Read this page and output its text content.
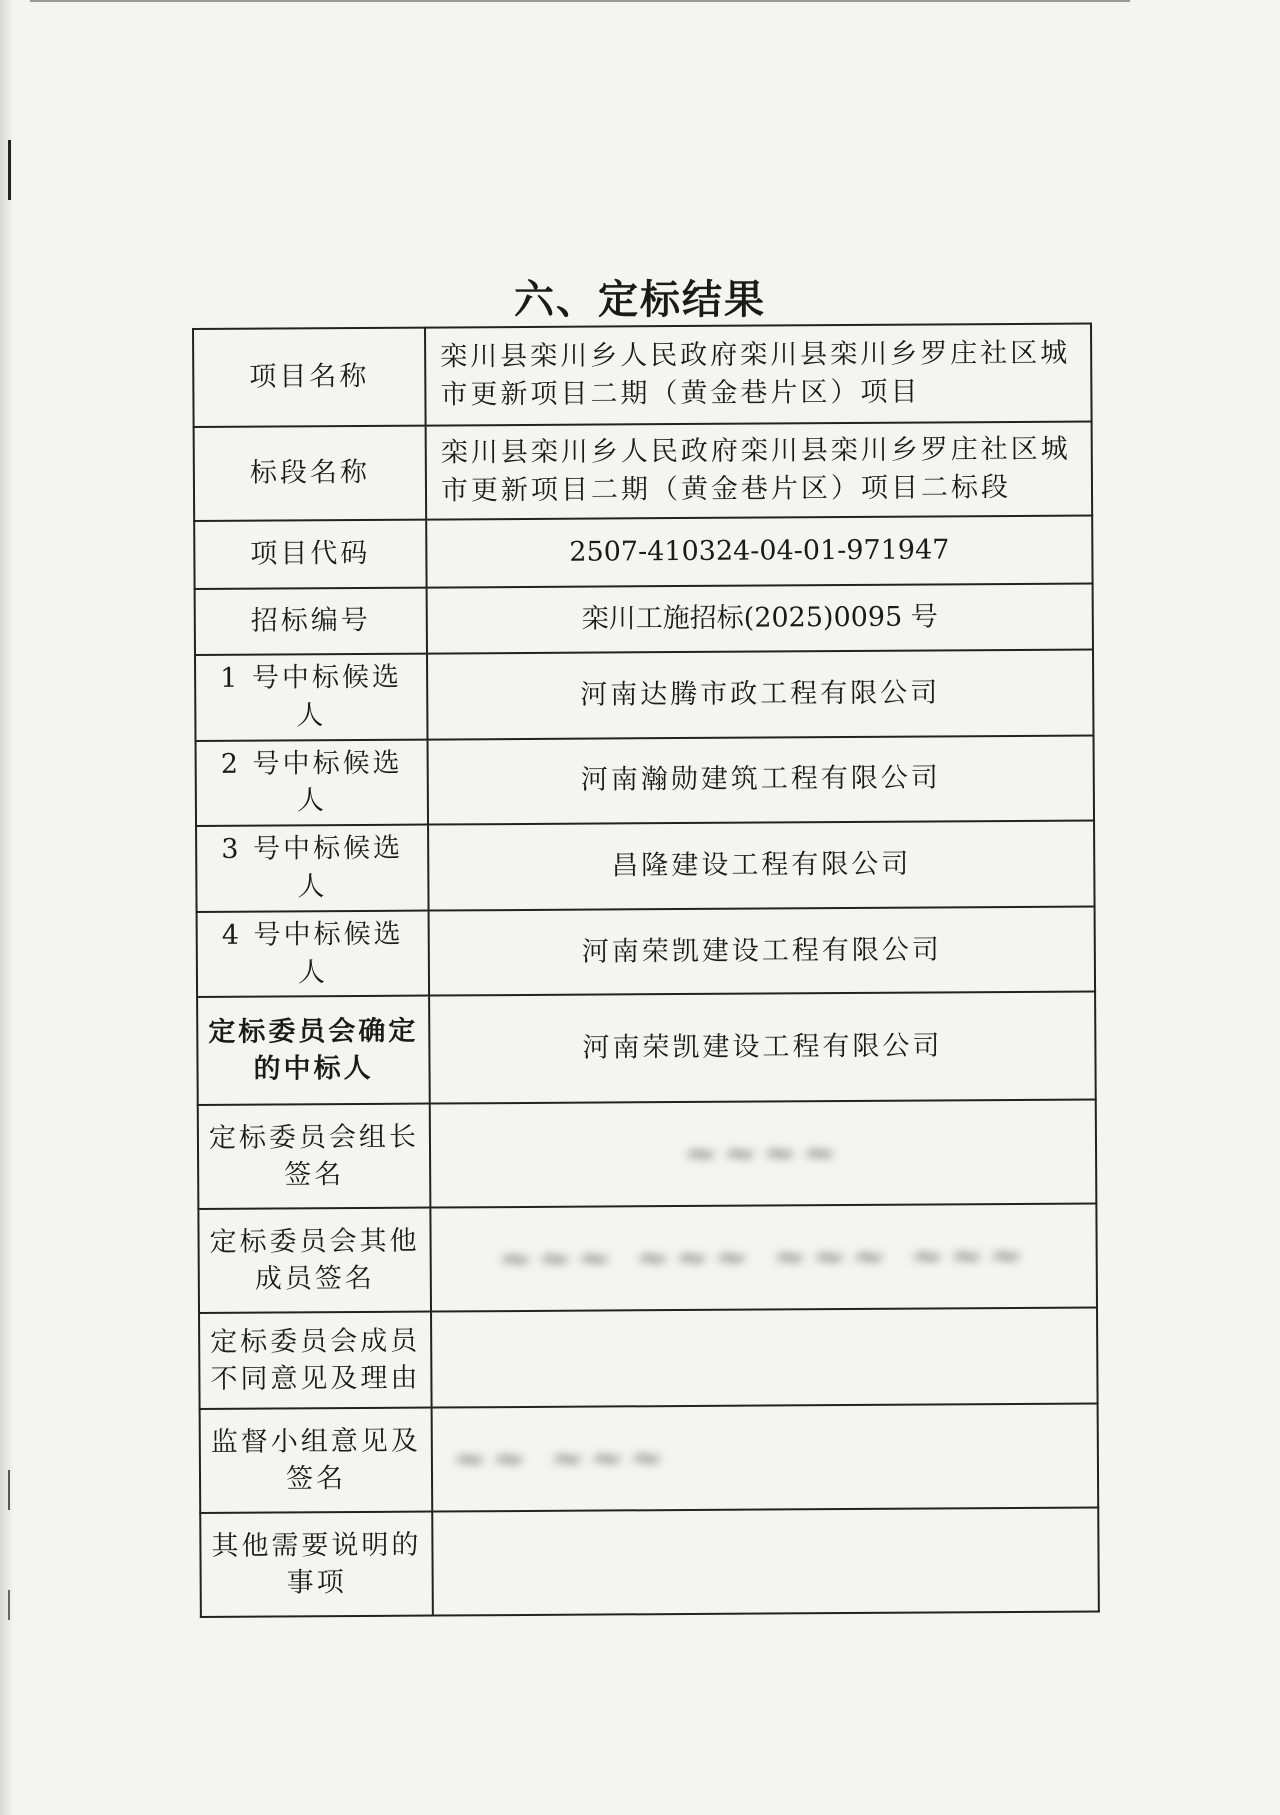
六、定标结果
项目名称	栾川县栾川乡人民政府栾川县栾川乡罗庄社区城市更新项目二期（黄金巷片区）项目
标段名称	栾川县栾川乡人民政府栾川县栾川乡罗庄社区城市更新项目二期（黄金巷片区）项目二标段
项目代码	2507-410324-04-01-971947
招标编号	栾川工施招标(2025)0095 号
1 号中标候选人	河南达腾市政工程有限公司
2 号中标候选人	河南瀚勋建筑工程有限公司
3 号中标候选人	昌隆建设工程有限公司
4 号中标候选人	河南荣凯建设工程有限公司
定标委员会确定的中标人	河南荣凯建设工程有限公司
定标委员会组长签名	~~~~
定标委员会其他成员签名	~~~ ~~~ ~~~ ~~~
定标委员会成员不同意见及理由	
监督小组意见及签名	~~ ~~~
其他需要说明的事项	
